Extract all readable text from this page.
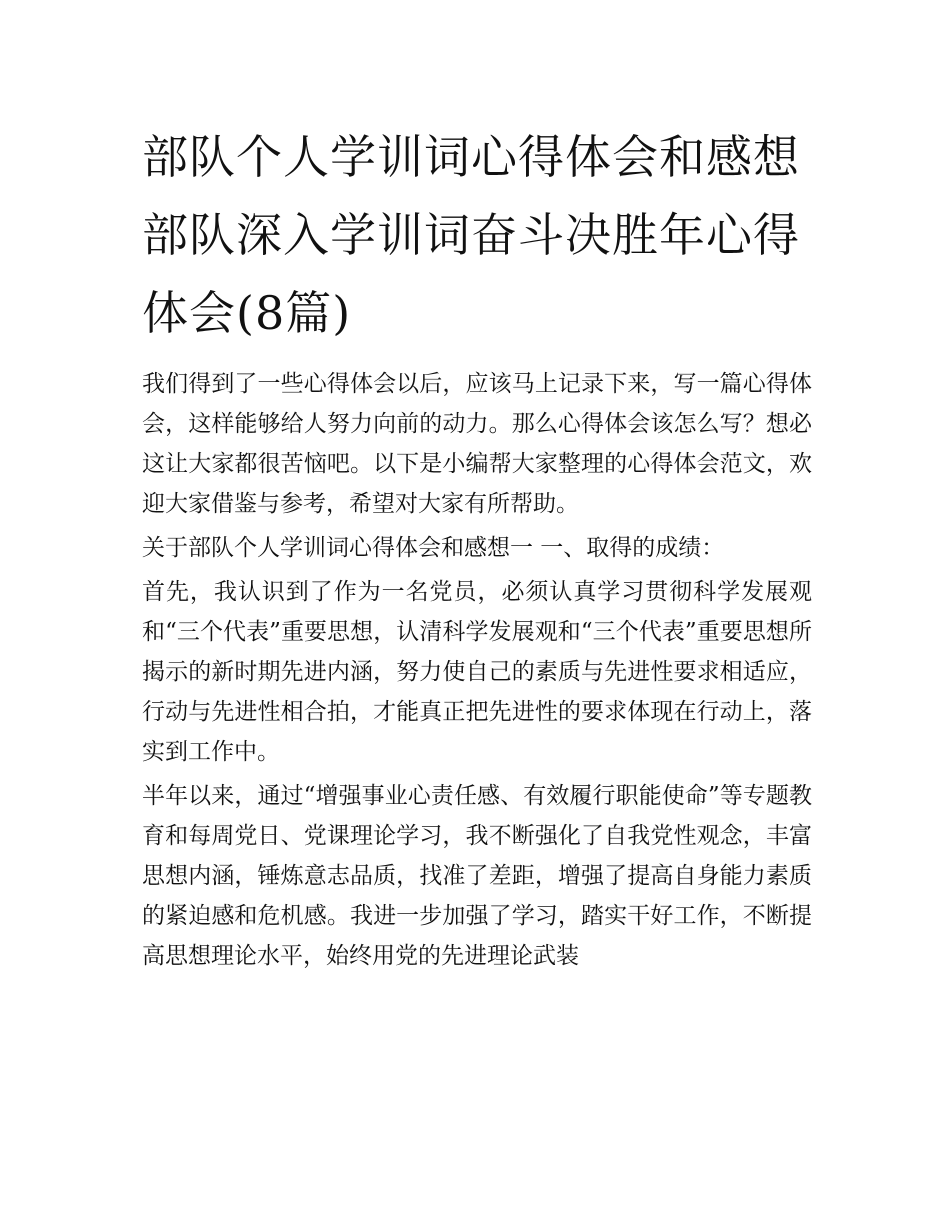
部队个人学训词心得体会和感想 部队深入学训词奋斗决胜年心得体会(8篇)

我们得到了一些心得体会以后，应该马上记录下来，写一篇心得体会，这样能够给人努力向前的动力。那么心得体会该怎么写？想必这让大家都很苦恼吧。以下是小编帮大家整理的心得体会范文，欢迎大家借鉴与参考，希望对大家有所帮助。

关于部队个人学训词心得体会和感想一 一、取得的成绩：

首先，我认识到了作为一名党员，必须认真学习贯彻科学发展观和“三个代表”重要思想，认清科学发展观和“三个代表”重要思想所揭示的新时期先进内涵，努力使自己的素质与先进性要求相适应，行动与先进性相合拍，才能真正把先进性的要求体现在行动上，落实到工作中。

半年以来，通过“增强事业心责任感、有效履行职能使命”等专题教育和每周党日、党课理论学习，我不断强化了自我党性观念，丰富思想内涵，锤炼意志品质，找准了差距，增强了提高自身能力素质的紧迫感和危机感。我进一步加强了学习，踏实干好工作，不断提高思想理论水平，始终用党的先进理论武装
